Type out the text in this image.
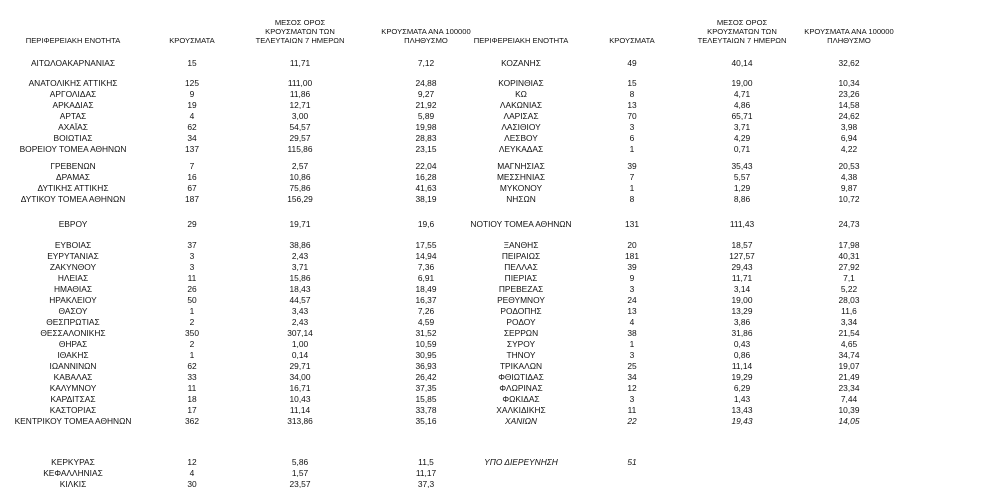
ΠΕΡΙΦΕΡΕΙΑΚΗ ΕΝΟΤΗΤΑ	ΚΡΟΥΣΜΑΤΑ
ΜΕΣΟΣ ΟΡΟΣ
ΚΡΟΥΣΜΑΤΩΝ ΤΩΝ
ΤΕΛΕΥΤΑΙΩΝ 7 ΗΜΕΡΩΝ
ΚΡΟΥΣΜΑΤΑ ΑΝΑ 100000
ΠΛΗΘΥΣΜΟ	ΠΕΡΙΦΕΡΕΙΑΚΗ ΕΝΟΤΗΤΑ	ΚΡΟΥΣΜΑΤΑ
ΜΕΣΟΣ ΟΡΟΣ
ΚΡΟΥΣΜΑΤΩΝ ΤΩΝ
ΤΕΛΕΥΤΑΙΩΝ 7 ΗΜΕΡΩΝ
ΚΡΟΥΣΜΑΤΑ ΑΝΑ 100000
ΠΛΗΘΥΣΜΟ
ΑΙΤΩΛΟΑΚΑΡΝΑΝΙΑΣ	15	11,71	7,12
ΑΝΑΤΟΛΙΚΗΣ ΑΤΤΙΚΗΣ	125	111,00	24,88
ΑΡΓΟΛΙΔΑΣ	9	11,86	9,27
ΑΡΚΑΔΙΑΣ	19	12,71	21,92
ΑΡΤΑΣ	4	3,00	5,89
ΑΧΑΪΑΣ	62	54,57	19,98
ΒΟΙΩΤΙΑΣ	34	29,57	28,83
ΒΟΡΕΙΟΥ ΤΟΜΕΑ ΑΘΗΝΩΝ	137	115,86	23,15
ΓΡΕΒΕΝΩΝ	7	2,57	22,04
ΔΡΑΜΑΣ	16	10,86	16,28
ΔΥΤΙΚΗΣ ΑΤΤΙΚΗΣ	67	75,86	41,63
ΔΥΤΙΚΟΥ ΤΟΜΕΑ ΑΘΗΝΩΝ	187	156,29	38,19
ΕΒΡΟΥ	29	19,71	19,6
ΕΥΒΟΙΑΣ	37	38,86	17,55
ΕΥΡΥΤΑΝΙΑΣ	3	2,43	14,94
ΖΑΚΥΝΘΟΥ	3	3,71	7,36
ΗΛΕΙΑΣ	11	15,86	6,91
ΗΜΑΘΙΑΣ	26	18,43	18,49
ΗΡΑΚΛΕΙΟΥ	50	44,57	16,37
ΘΑΣΟΥ	1	3,43	7,26
ΘΕΣΠΡΩΤΙΑΣ	2	2,43	4,59
ΘΕΣΣΑΛΟΝΙΚΗΣ	350	307,14	31,52
ΘΗΡΑΣ	2	1,00	10,59
ΙΘΑΚΗΣ	1	0,14	30,95
ΙΩΑΝΝΙΝΩΝ	62	29,71	36,93
ΚΑΒΑΛΑΣ	33	34,00	26,42
ΚΑΛΥΜΝΟΥ	11	16,71	37,35
ΚΑΡΔΙΤΣΑΣ	18	10,43	15,85
ΚΑΣΤΟΡΙΑΣ	17	11,14	33,78
ΚΕΝΤΡΙΚΟΥ ΤΟΜΕΑ ΑΘΗΝΩΝ	362	313,86	35,16
ΚΕΡΚΥΡΑΣ	12	5,86	11,5
ΚΕΦΑΛΛΗΝΙΑΣ	4	1,57	11,17
ΚΙΛΚΙΣ	30	23,57	37,3
ΚΟΖΑΝΗΣ	49	40,14	32,62
ΚΟΡΙΝΘΙΑΣ	15	19,00	10,34
ΚΩ	8	4,71	23,26
ΛΑΚΩΝΙΑΣ	13	4,86	14,58
ΛΑΡΙΣΑΣ	70	65,71	24,62
ΛΑΣΙΘΙΟΥ	3	3,71	3,98
ΛΕΣΒΟΥ	6	4,29	6,94
ΛΕΥΚΑΔΑΣ	1	0,71	4,22
ΜΑΓΝΗΣΙΑΣ	39	35,43	20,53
ΜΕΣΣΗΝΙΑΣ	7	5,57	4,38
ΜΥΚΟΝΟΥ	1	1,29	9,87
ΝΗΣΩΝ	8	8,86	10,72
ΝΟΤΙΟΥ ΤΟΜΕΑ ΑΘΗΝΩΝ	131	111,43	24,73
ΞΑΝΘΗΣ	20	18,57	17,98
ΠΕΙΡΑΙΩΣ	181	127,57	40,31
ΠΕΛΛΑΣ	39	29,43	27,92
ΠΙΕΡΙΑΣ	9	11,71	7,1
ΠΡΕΒΕΖΑΣ	3	3,14	5,22
ΡΕΘΥΜΝΟΥ	24	19,00	28,03
ΡΟΔΟΠΗΣ	13	13,29	11,6
ΡΟΔΟΥ	4	3,86	3,34
ΣΕΡΡΩΝ	38	31,86	21,54
ΣΥΡΟΥ	1	0,43	4,65
ΤΗΝΟΥ	3	0,86	34,74
ΤΡΙΚΑΛΩΝ	25	11,14	19,07
ΦΘΙΩΤΙΔΑΣ	34	19,29	21,49
ΦΛΩΡΙΝΑΣ	12	6,29	23,34
ΦΩΚΙΔΑΣ	3	1,43	7,44
ΧΑΛΚΙΔΙΚΗΣ	11	13,43	10,39
ΧΑΝΙΩΝ	22	19,43	14,05
ΥΠΟ ΔΙΕΡΕΥΝΗΣΗ	51
